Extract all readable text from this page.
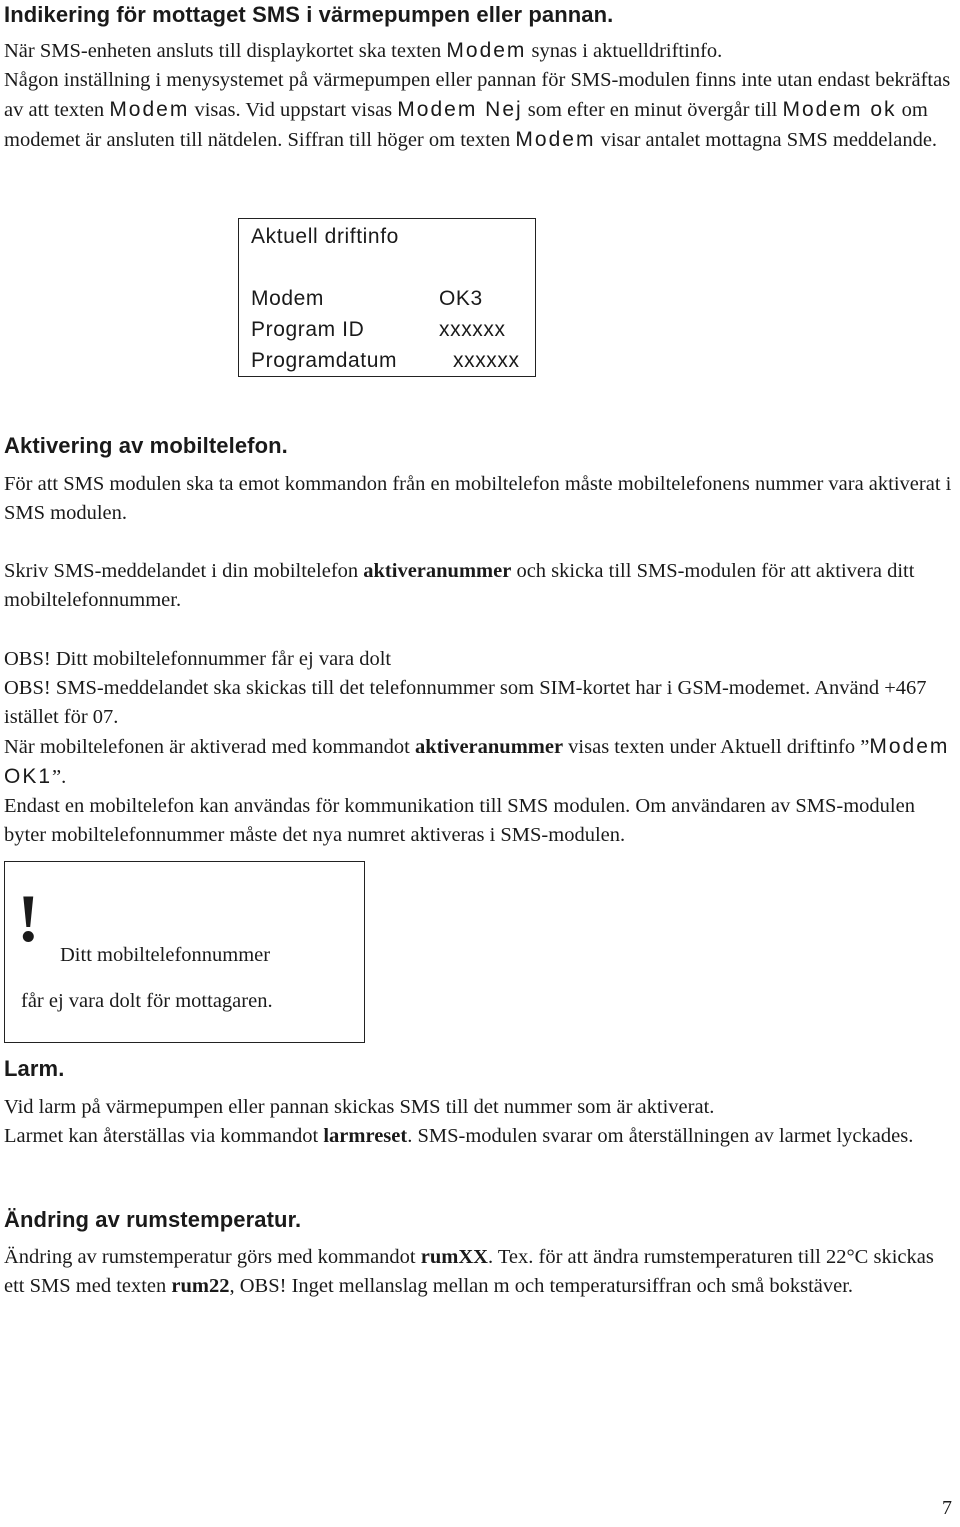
Indikering för mottaget SMS i värmepumpen eller pannan.
När SMS-enheten ansluts till displaykortet ska texten Modem synas i aktuelldriftinfo.
Någon inställning i menysystemet på värmepumpen eller pannan för SMS-modulen finns inte utan endast bekräftas av att texten Modem visas. Vid uppstart visas Modem Nej som efter en minut övergår till Modem ok om modemet är ansluten till nätdelen. Siffran till höger om texten Modem visar antalet mottagna SMS meddelande.
Aktuell driftinfo
Modem	OK3
Program ID	xxxxxx
Programdatum	xxxxxx
Aktivering av mobiltelefon.
För att SMS modulen ska ta emot kommandon från en mobiltelefon måste mobiltelefonens nummer vara aktiverat i SMS modulen.
Skriv SMS-meddelandet i din mobiltelefon aktiveranummer och skicka till SMS-modulen för att aktivera ditt mobiltelefonnummer.
OBS! Ditt mobiltelefonnummer får ej vara dolt
OBS! SMS-meddelandet ska skickas till det telefonnummer som SIM-kortet har i GSM-modemet. Använd +467 istället för 07.
När mobiltelefonen är aktiverad med kommandot aktiveranummer visas texten under Aktuell driftinfo ”Modem OK1”.
Endast en mobiltelefon kan användas för kommunikation till SMS modulen. Om användaren av SMS-modulen byter mobiltelefonnummer måste det nya numret aktiveras i SMS-modulen.
! Ditt mobiltelefonnummer
får ej vara dolt för mottagaren.
Larm.
Vid larm på värmepumpen eller pannan skickas SMS till det nummer som är aktiverat.
Larmet kan återställas via kommandot larmreset. SMS-modulen svarar om återställningen av larmet lyckades.
Ändring av rumstemperatur.
Ändring av rumstemperatur görs med kommandot rumXX. Tex. för att ändra rumstemperaturen till 22°C skickas ett SMS med texten rum22, OBS! Inget mellanslag mellan m och temperatursiffran och små bokstäver.
7
